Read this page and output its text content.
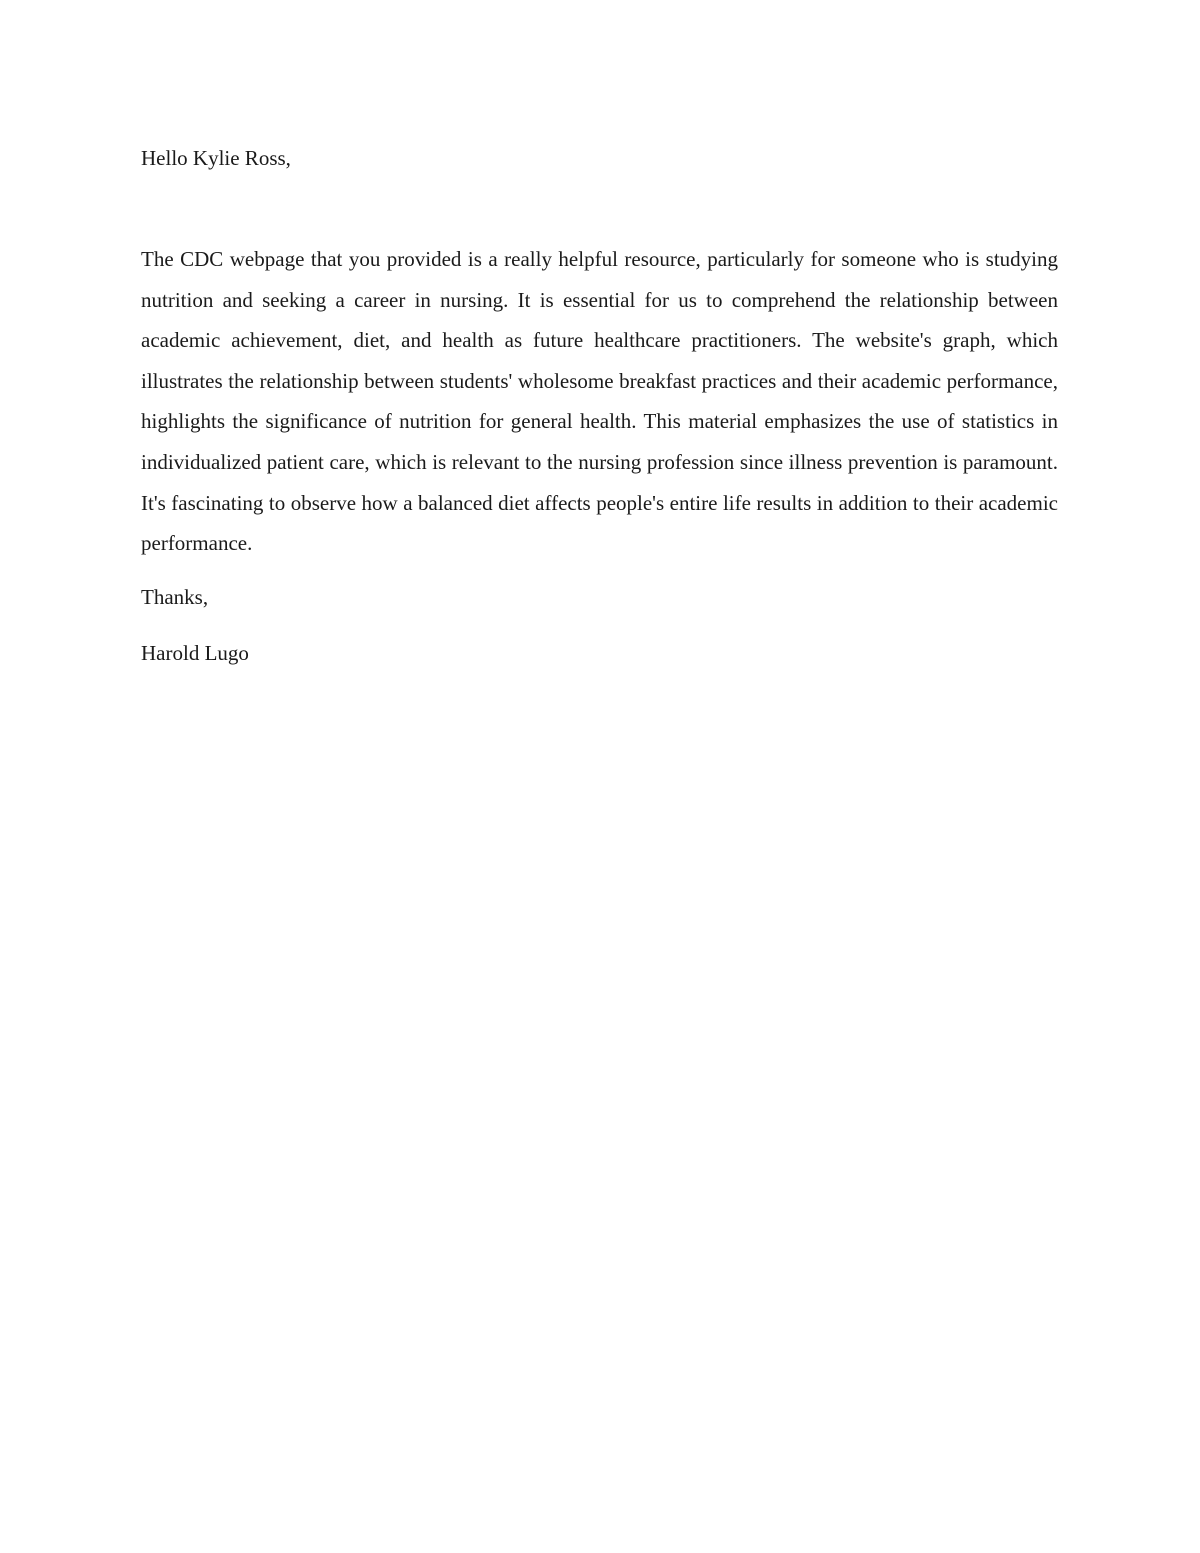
Hello Kylie Ross,

The CDC webpage that you provided is a really helpful resource, particularly for someone who is studying nutrition and seeking a career in nursing. It is essential for us to comprehend the relationship between academic achievement, diet, and health as future healthcare practitioners. The website's graph, which illustrates the relationship between students' wholesome breakfast practices and their academic performance, highlights the significance of nutrition for general health. This material emphasizes the use of statistics in individualized patient care, which is relevant to the nursing profession since illness prevention is paramount. It's fascinating to observe how a balanced diet affects people's entire life results in addition to their academic performance.

Thanks,

Harold Lugo
